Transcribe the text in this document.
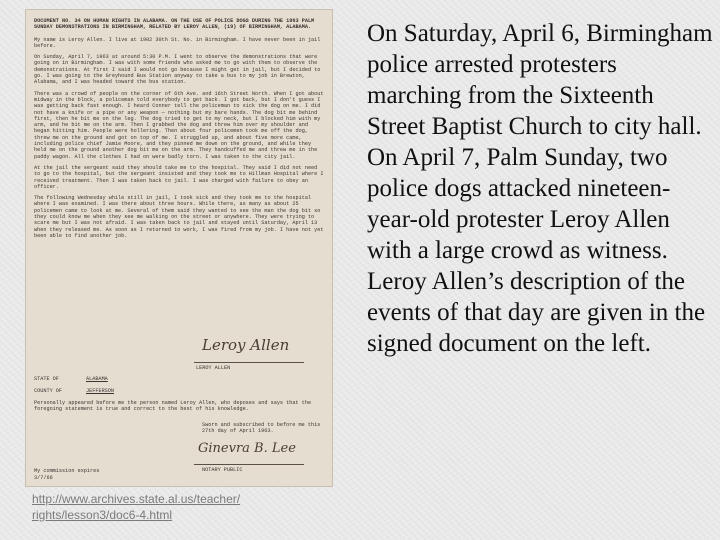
DOCUMENT NO. 34 ON HUMAN RIGHTS IN ALABAMA. ON THE USE OF POLICE DOGS DURING THE 1963 PALM SUNDAY DEMONSTRATIONS IN BIRMINGHAM, RELATED BY LEROY ALLEN, (19) OF BIRMINGHAM, ALABAMA.

My name is Leroy Allen. I live at 1902 30th St. No. in Birmingham. I have never been in jail before.

On Sunday, April 7, 1963 at around 5:30 P.M. I went to observe the demonstrations that were going on in Birmingham. I was with some friends who asked me to go with them to observe the demonstrations. At first I said I would not go because I might get in jail, but I decided to go. I was going to the Greyhound Bus Station anyway to take a bus to my job in Brewton, Alabama, and I was headed toward the bus station.

There was a crowd of people on the corner of 6th Ave. and 16th Street North. When I got about midway in the block, a policeman told everybody to get back. I got back, but I don't guess I was getting back fast enough. I heard Conner tell the policeman to sick the dog on me. I did not have a knife or a pipe or any weapon — nothing but my bare hands. The dog bit me behind first, then he bit me on the leg. The dog tried to get to my neck, but I blocked him with my arm, and he bit me on the arm. Then I grabbed the dog and threw him over my shoulder and began hitting him. People were hollering. Then about four policemen took me off the dog, threw me on the ground and got on top of me. I struggled up, and about five more came, including police chief Jamie Moore, and they pinned me down on the ground, and while they held me on the ground another dog bit me on the arm. They handcuffed me and threw me in the paddy wagon. All the clothes I had on were badly torn. I was taken to the city jail.

At the jail the sergeant said they should take me to the hospital. They said I did not need to go to the hospital, but the sergeant insisted and they took me to Hillman Hospital where I received treatment. Then I was taken back to jail. I was charged with failure to obey an officer.

The following Wednesday while still in jail, I took sick and they took me to the hospital where I was examined. I was there about three hours. While there, as many as about 25 policemen came to look at me. Several of them said they wanted to see the man the dog bit so they could know me when they see me walking on the street or anywhere. They were trying to scare me but I was not afraid. I was taken back to jail and stayed until Saturday, April 13 when they released me. As soon as I returned to work, I was fired from my job. I have not yet been able to find another job.

Leroy Allen
LEROY ALLEN
STATE OF	ALABAMA
COUNTY OF	JEFFERSON
Personally appeared before me the person named Leroy Allen, who deposes and says that the foregoing statement is true and correct to the best of his knowledge.
Sworn and subscribed to before me this 27th day of April 1963.
Ginevra B. Lee
NOTARY PUBLIC
My commission expires
3/7/66
On Saturday, April 6, Birmingham police arrested protesters marching from the Sixteenth Street Baptist Church to city hall. On April 7, Palm Sunday, two police dogs attacked nineteen-year-old protester Leroy Allen with a large crowd as witness.
Leroy Allen’s description of the events of that day are given in the signed document on the left.
http://www.archives.state.al.us/teacher/
rights/lesson3/doc6-4.html
